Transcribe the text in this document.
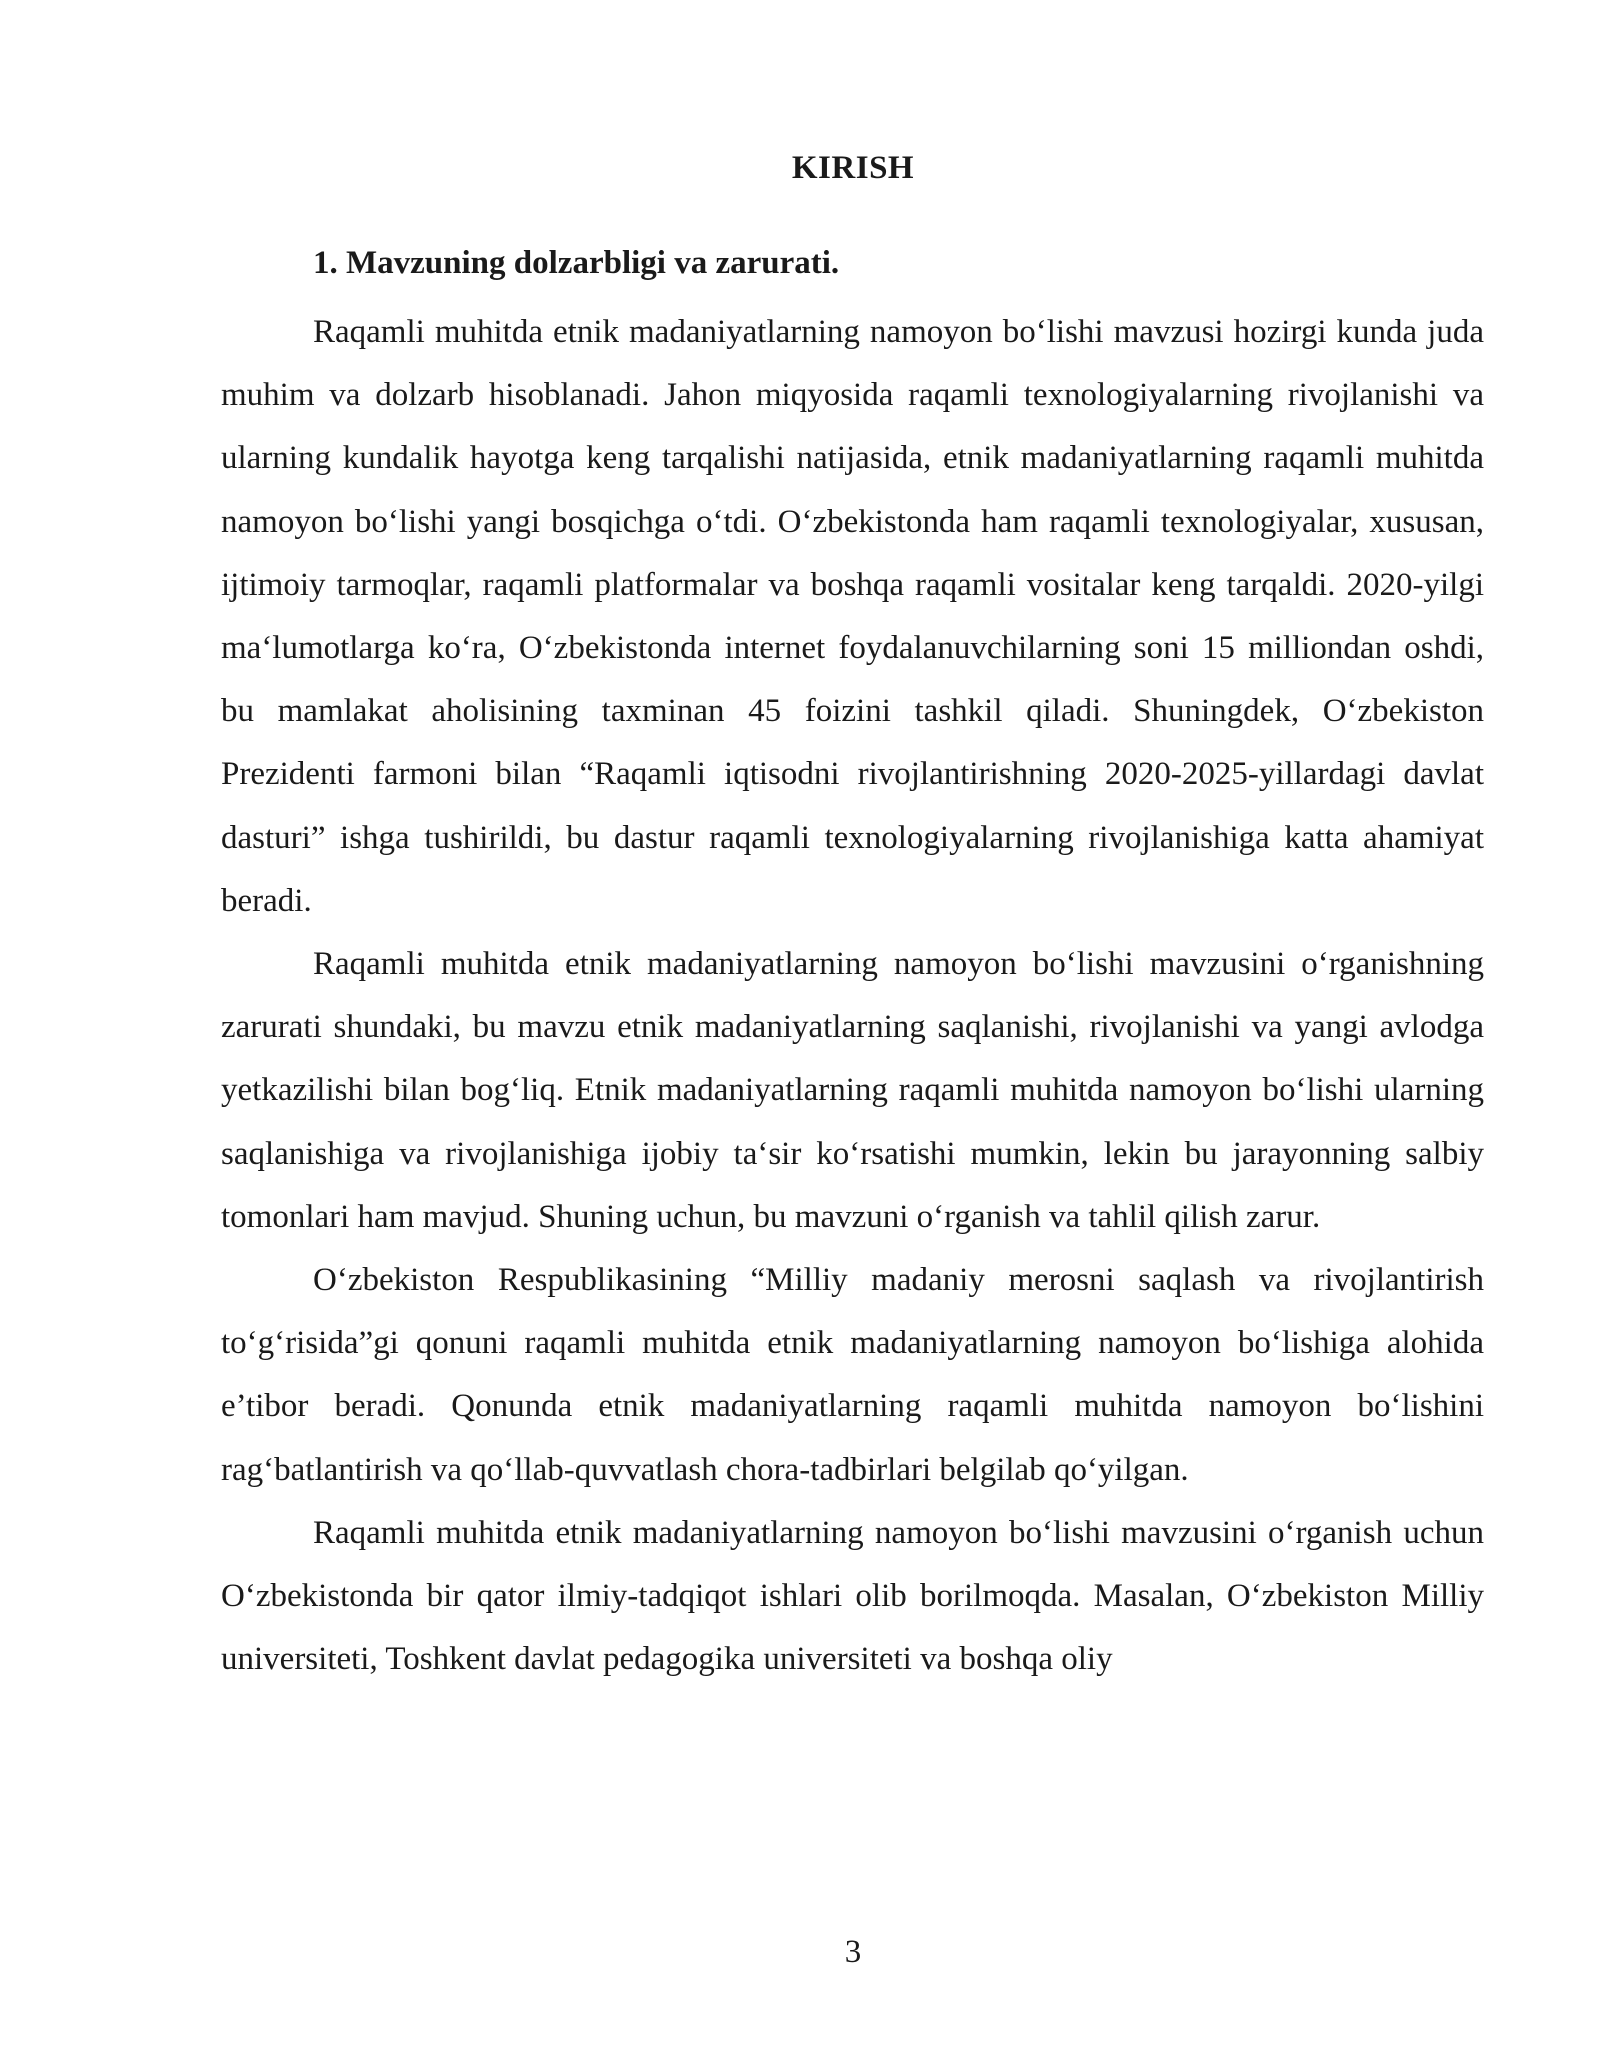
KIRISH
1. Mavzuning dolzarbligi va zarurati.

Raqamli muhitda etnik madaniyatlarning namoyon bo‘lishi mavzusi hozirgi kunda juda muhim va dolzarb hisoblanadi. Jahon miqyosida raqamli texnologiyalarning rivojlanishi va ularning kundalik hayotga keng tarqalishi natijasida, etnik madaniyatlarning raqamli muhitda namoyon bo‘lishi yangi bosqichga o‘tdi. O‘zbekistonda ham raqamli texnologiyalar, xususan, ijtimoiy tarmoqlar, raqamli platformalar va boshqa raqamli vositalar keng tarqaldi. 2020-yilgi ma‘lumotlarga ko‘ra, O‘zbekistonda internet foydalanuvchilarning soni 15 milliondan oshdi, bu mamlakat aholisining taxminan 45 foizini tashkil qiladi. Shuningdek, O‘zbekiston Prezidenti farmoni bilan “Raqamli iqtisodni rivojlantirishning 2020-2025-yillardagi davlat dasturi” ishga tushirildi, bu dastur raqamli texnologiyalarning rivojlanishiga katta ahamiyat beradi.

Raqamli muhitda etnik madaniyatlarning namoyon bo‘lishi mavzusini o‘rganishning zarurati shundaki, bu mavzu etnik madaniyatlarning saqlanishi, rivojlanishi va yangi avlodga yetkazilishi bilan bog‘liq. Etnik madaniyatlarning raqamli muhitda namoyon bo‘lishi ularning saqlanishiga va rivojlanishiga ijobiy ta‘sir ko‘rsatishi mumkin, lekin bu jarayonning salbiy tomonlari ham mavjud. Shuning uchun, bu mavzuni o‘rganish va tahlil qilish zarur.

O‘zbekiston Respublikasining “Milliy madaniy merosni saqlash va rivojlantirish to‘g‘risida”gi qonuni raqamli muhitda etnik madaniyatlarning namoyon bo‘lishiga alohida e’tibor beradi. Qonunda etnik madaniyatlarning raqamli muhitda namoyon bo‘lishini rag‘batlantirish va qo‘llab-quvvatlash chora-tadbirlari belgilab qo‘yilgan.

Raqamli muhitda etnik madaniyatlarning namoyon bo‘lishi mavzusini o‘rganish uchun O‘zbekistonda bir qator ilmiy-tadqiqot ishlari olib borilmoqda. Masalan, O‘zbekiston Milliy universiteti, Toshkent davlat pedagogika universiteti va boshqa oliy

3
